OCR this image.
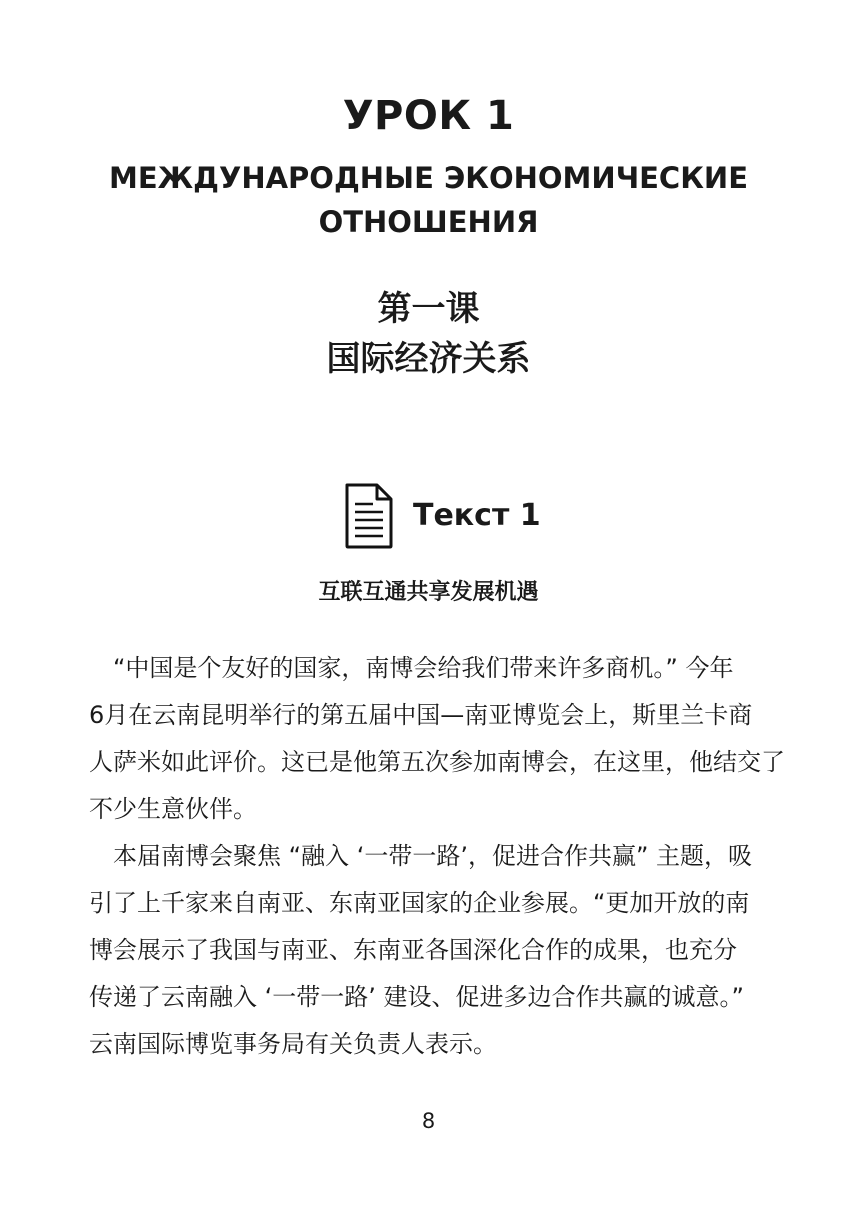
УРОК 1
МЕЖДУНАРОДНЫЕ ЭКОНОМИЧЕСКИЕ ОТНОШЕНИЯ
第一课
国际经济关系
Текст 1
互联互通共享发展机遇
　“中国是个友好的国家，南博会给我们带来许多商机。” 今年
6月在云南昆明举行的第五届中国—南亚博览会上，斯里兰卡商
人萨米如此评价。这已是他第五次参加南博会，在这里，他结交了
不少生意伙伴。
　本届南博会聚焦 “融入 ‘一带一路’，促进合作共赢” 主题，吸
引了上千家来自南亚、东南亚国家的企业参展。“更加开放的南
博会展示了我国与南亚、东南亚各国深化合作的成果，也充分
传递了云南融入 ‘一带一路’ 建设、促进多边合作共赢的诚意。”
云南国际博览事务局有关负责人表示。
8
